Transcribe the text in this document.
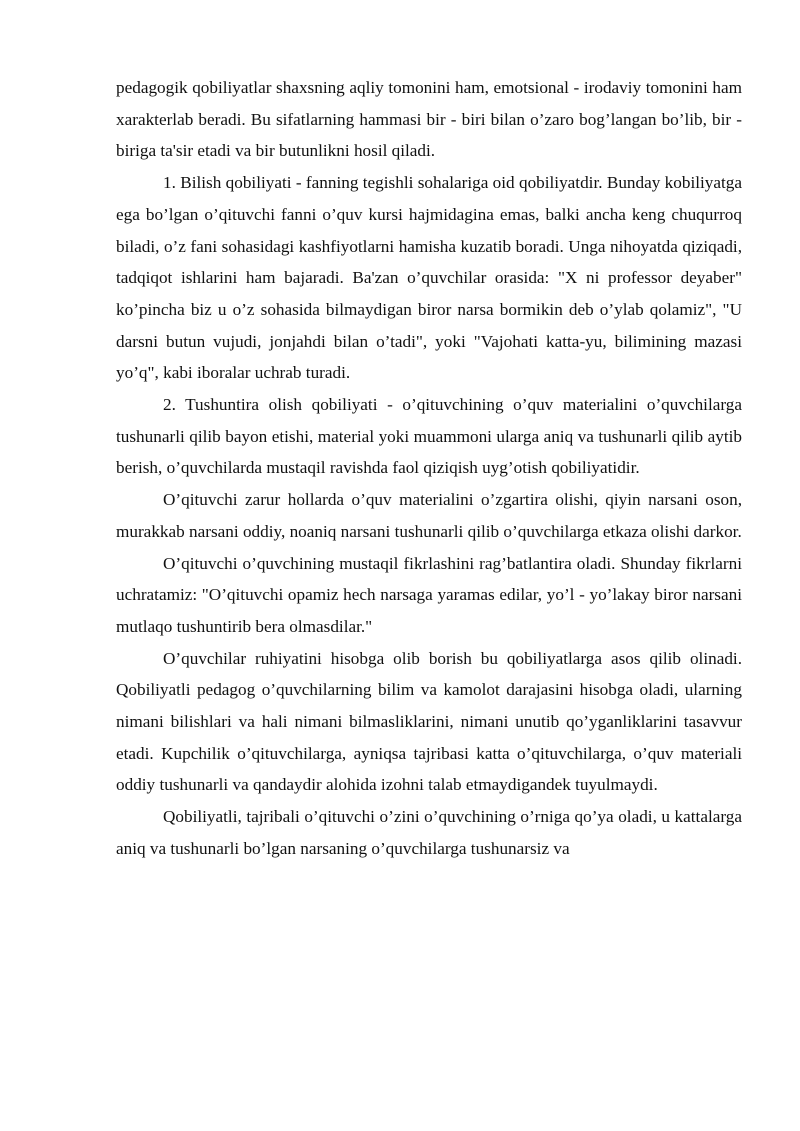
pedagogik qobiliyatlar shaxsning aqliy tomonini ham, emotsional - irodaviy tomonini ham xarakterlab beradi. Bu sifatlarning hammasi bir - biri bilan o’zaro bog’langan bo’lib, bir - biriga ta'sir etadi va bir butunlikni hosil qiladi.

1. Bilish qobiliyati - fanning tegishli sohalariga oid qobiliyatdir. Bunday kobiliyatga ega bo’lgan o’qituvchi fanni o’quv kursi hajmidagina emas, balki ancha keng chuqurroq biladi, o’z fani sohasidagi kashfiyotlarni hamisha kuzatib boradi. Unga nihoyatda qiziqadi, tadqiqot ishlarini ham bajaradi. Ba'zan o’quvchilar orasida: "X ni professor deyaber" ko’pincha biz u o’z sohasida bilmaydigan biror narsa bormikin deb o’ylab qolamiz", "U darsni butun vujudi, jonjahdi bilan o’tadi", yoki "Vajohati katta-yu, bilimining mazasi yo’q", kabi iboralar uchrab turadi.

2. Tushuntira olish qobiliyati - o’qituvchining o’quv materialini o’quvchilarga tushunarli qilib bayon etishi, material yoki muammoni ularga aniq va tushunarli qilib aytib berish, o’quvchilarda mustaqil ravishda faol qiziqish uyg’otish qobiliyatidir.

O’qituvchi zarur hollarda o’quv materialini o’zgartira olishi, qiyin narsani oson, murakkab narsani oddiy, noaniq narsani tushunarli qilib o’quvchilarga etkaza olishi darkor.

O’qituvchi o’quvchining mustaqil fikrlashini rag’batlantira oladi. Shunday fikrlarni uchratamiz: "O’qituvchi opamiz hech narsaga yaramas edilar, yo’l - yo’lakay biror narsani mutlaqo tushuntirib bera olmasdilar."

O’quvchilar ruhiyatini hisobga olib borish bu qobiliyatlarga asos qilib olinadi. Qobiliyatli pedagog o’quvchilarning bilim va kamolot darajasini hisobga oladi, ularning nimani bilishlari va hali nimani bilmasliklarini, nimani unutib qo’yganliklarini tasavvur etadi. Kupchilik o’qituvchilarga, ayniqsa tajribasi katta o’qituvchilarga, o’quv materiali oddiy tushunarli va qandaydir alohida izohni talab etmaydigandek tuyulmaydi.

Qobiliyatli, tajribali o’qituvchi o’zini o’quvchining o’rniga qo’ya oladi, u kattalarga aniq va tushunarli bo’lgan narsaning o’quvchilarga tushunarsiz va
